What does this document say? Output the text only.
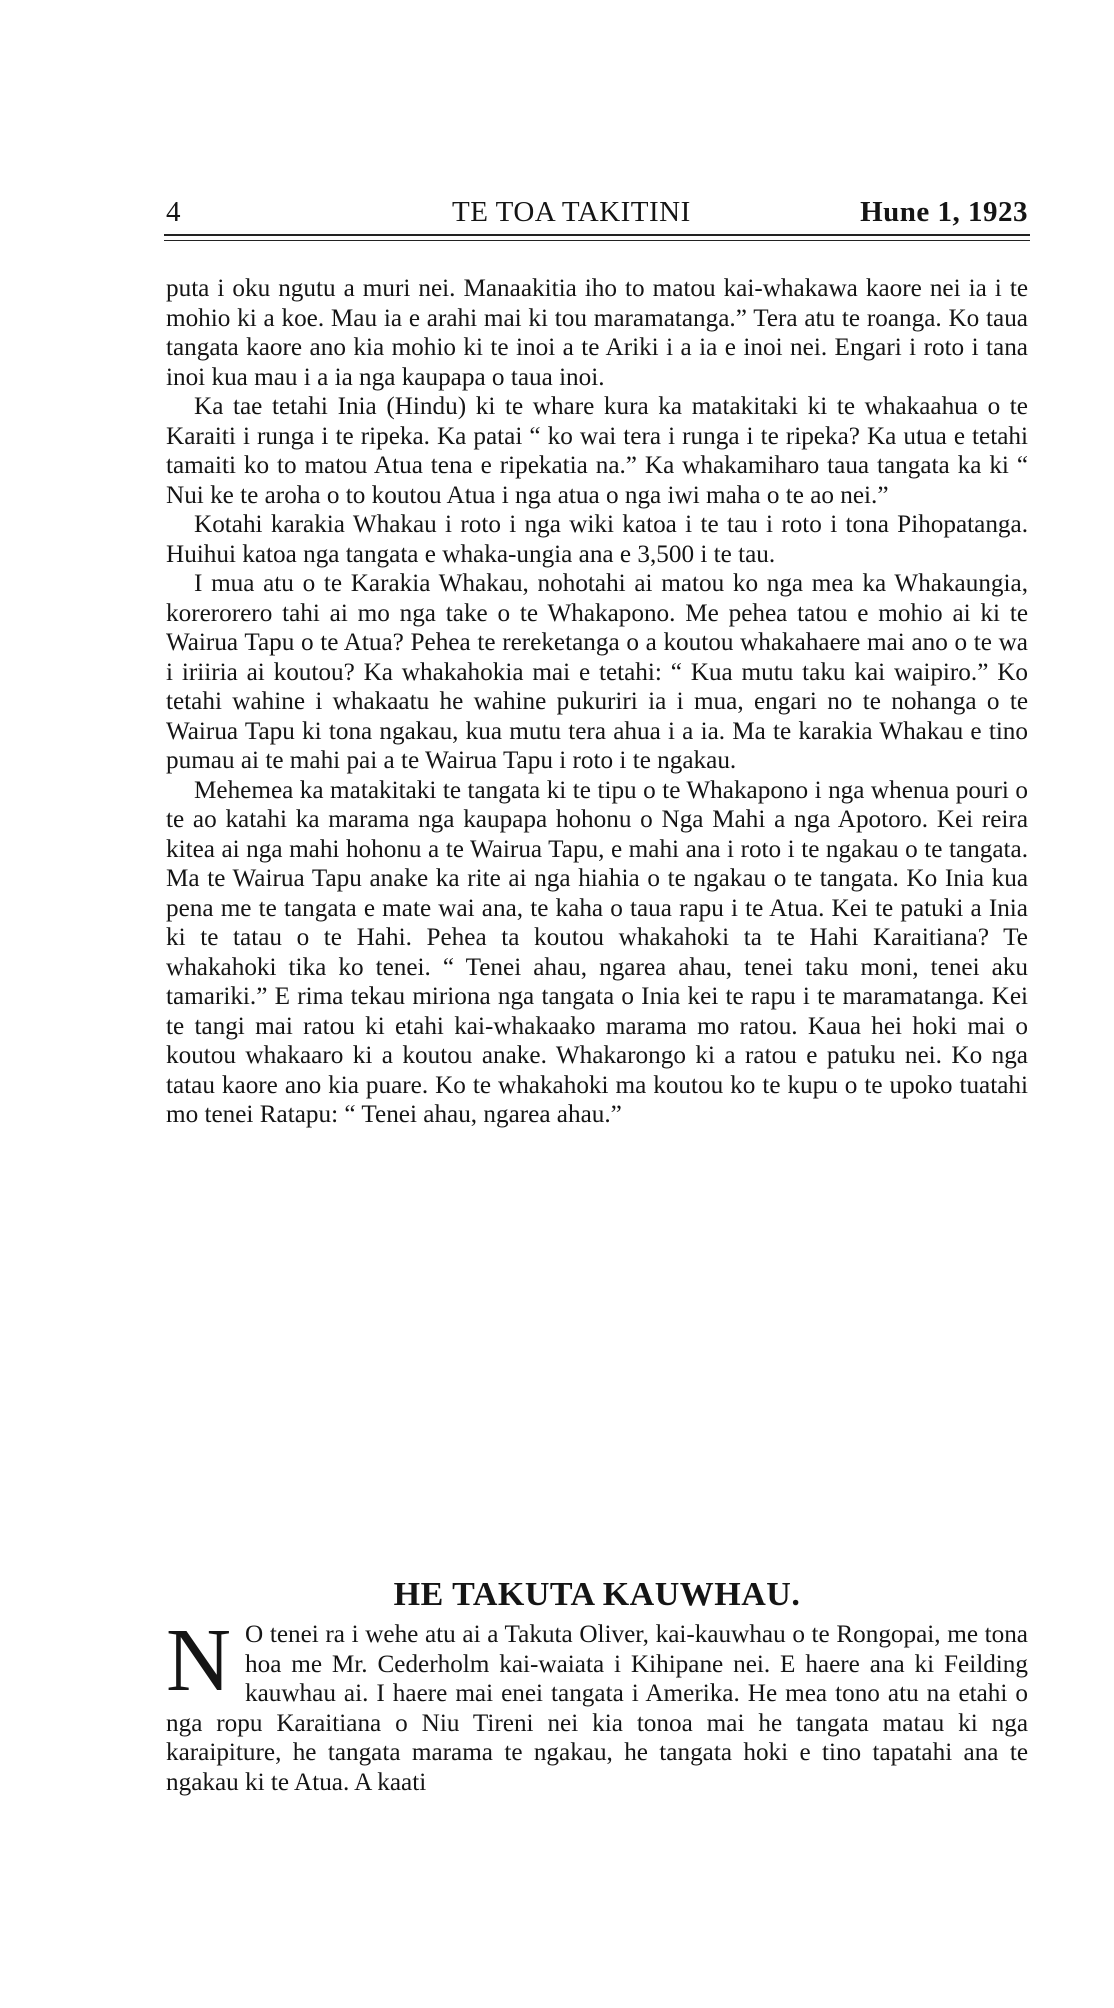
4	TE TOA TAKITINI	Hune 1, 1923

puta i oku ngutu a muri nei. Manaakitia iho to matou kai-whakawa kaore nei ia i te mohio ki a koe. Mau ia e arahi mai ki tou maramatanga.” Tera atu te roanga. Ko taua tangata kaore ano kia mohio ki te inoi a te Ariki i a ia e inoi nei. Engari i roto i tana inoi kua mau i a ia nga kaupapa o taua inoi.

Ka tae tetahi Inia (Hindu) ki te whare kura ka matakitaki ki te whakaahua o te Karaiti i runga i te ripeka. Ka patai “ ko wai tera i runga i te ripeka? Ka utua e tetahi tamaiti ko to matou Atua tena e ripekatia na.” Ka whakamiharo taua tangata ka ki “ Nui ke te aroha o to koutou Atua i nga atua o nga iwi maha o te ao nei.”

Kotahi karakia Whakau i roto i nga wiki katoa i te tau i roto i tona Pihopatanga. Huihui katoa nga tangata e whaka-ungia ana e 3,500 i te tau.

I mua atu o te Karakia Whakau, nohotahi ai matou ko nga mea ka Whakaungia, korerorero tahi ai mo nga take o te Whakapono. Me pehea tatou e mohio ai ki te Wairua Tapu o te Atua? Pehea te rereketanga o a koutou whakahaere mai ano o te wa i iriiria ai koutou? Ka whakahokia mai e tetahi: “ Kua mutu taku kai waipiro.” Ko tetahi wahine i whakaatu he wahine pukuriri ia i mua, engari no te nohanga o te Wairua Tapu ki tona ngakau, kua mutu tera ahua i a ia. Ma te karakia Whakau e tino pumau ai te mahi pai a te Wairua Tapu i roto i te ngakau.

Mehemea ka matakitaki te tangata ki te tipu o te Whakapono i nga whenua pouri o te ao katahi ka marama nga kaupapa hohonu o Nga Mahi a nga Apotoro. Kei reira kitea ai nga mahi hohonu a te Wairua Tapu, e mahi ana i roto i te ngakau o te tangata. Ma te Wairua Tapu anake ka rite ai nga hiahia o te ngakau o te tangata. Ko Inia kua pena me te tangata e mate wai ana, te kaha o taua rapu i te Atua. Kei te patuki a Inia ki te tatau o te Hahi. Pehea ta koutou whakahoki ta te Hahi Karaitiana? Te whakahoki tika ko tenei. “ Tenei ahau, ngarea ahau, tenei taku moni, tenei aku tamariki.” E rima tekau miriona nga tangata o Inia kei te rapu i te maramatanga. Kei te tangi mai ratou ki etahi kai-whakaako marama mo ratou. Kaua hei hoki mai o koutou whakaaro ki a koutou anake. Whakarongo ki a ratou e patuku nei. Ko nga tatau kaore ano kia puare. Ko te whakahoki ma koutou ko te kupu o te upoko tuatahi mo tenei Ratapu: “ Tenei ahau, ngarea ahau.”

HE TAKUTA KAUWHAU.

N O tenei ra i wehe atu ai a Takuta Oliver, kai-kauwhau o te Rongopai, me tona hoa me Mr. Cederholm kai-waiata i Kihipane nei. E haere ana ki Feilding kauwhau ai. I haere mai enei tangata i Amerika. He mea tono atu na etahi o nga ropu Karaitiana o Niu Tireni nei kia tonoa mai he tangata matau ki nga karaipiture, he tangata marama te ngakau, he tangata hoki e tino tapatahi ana te ngakau ki te Atua. A kaati
